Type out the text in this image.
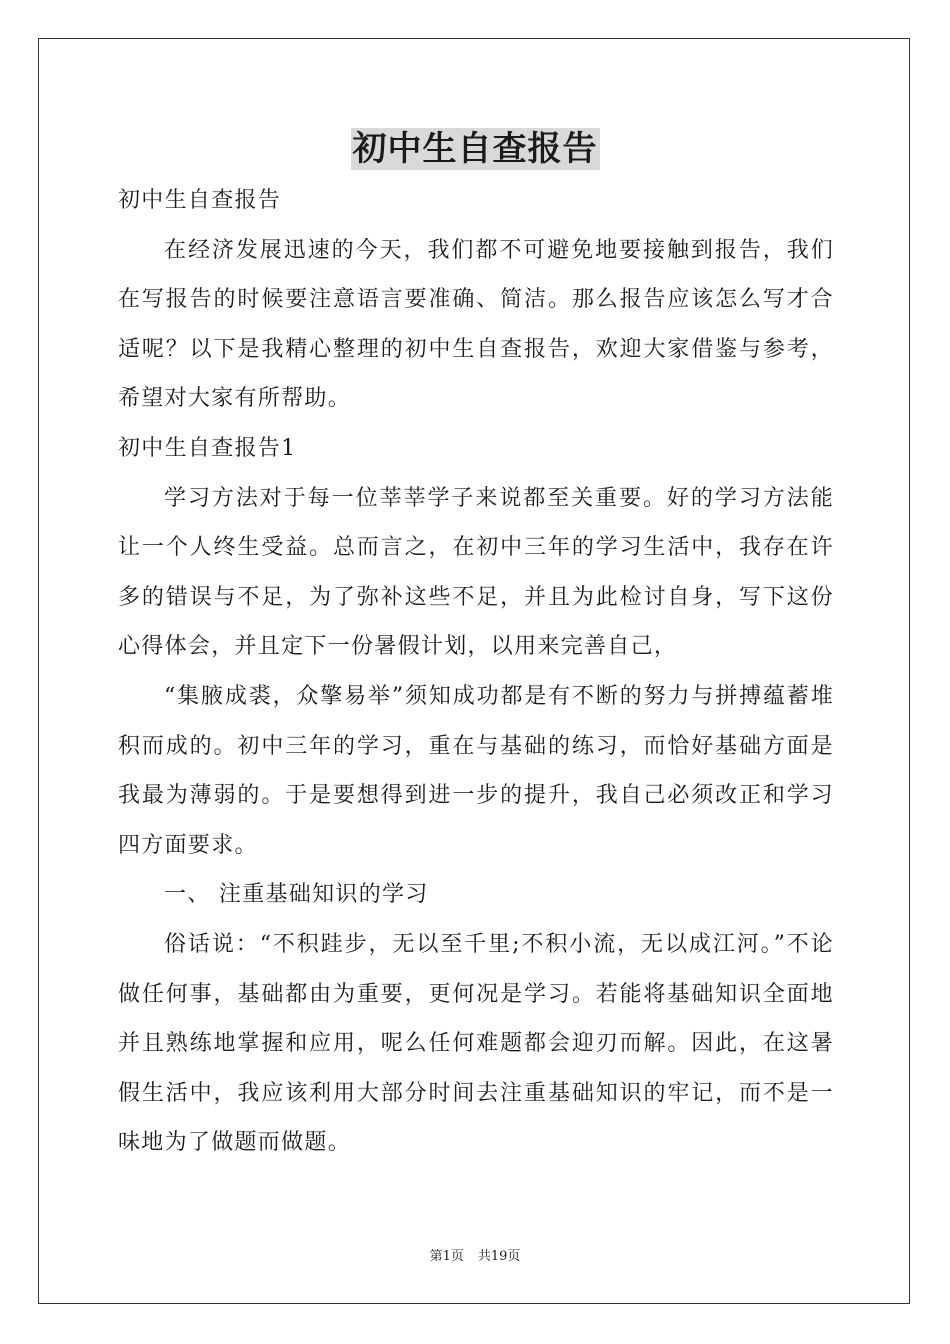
初中生自查报告

初中生自查报告

在经济发展迅速的今天，我们都不可避免地要接触到报告，我们在写报告的时候要注意语言要准确、简洁。那么报告应该怎么写才合适呢？以下是我精心整理的初中生自查报告，欢迎大家借鉴与参考，希望对大家有所帮助。

初中生自查报告1

学习方法对于每一位莘莘学子来说都至关重要。好的学习方法能让一个人终生受益。总而言之，在初中三年的学习生活中，我存在许多的错误与不足，为了弥补这些不足，并且为此检讨自身，写下这份心得体会，并且定下一份暑假计划，以用来完善自己，

“集腋成裘，众擎易举”须知成功都是有不断的努力与拼搏蕴蓄堆积而成的。初中三年的学习，重在与基础的练习，而恰好基础方面是我最为薄弱的。于是要想得到进一步的提升，我自己必须改正和学习四方面要求。

一、 注重基础知识的学习

俗话说：“不积跬步，无以至千里;不积小流，无以成江河。”不论做任何事，基础都由为重要，更何况是学习。若能将基础知识全面地并且熟练地掌握和应用，呢么任何难题都会迎刃而解。因此，在这暑假生活中，我应该利用大部分时间去注重基础知识的牢记，而不是一味地为了做题而做题。

第1页 共19页
